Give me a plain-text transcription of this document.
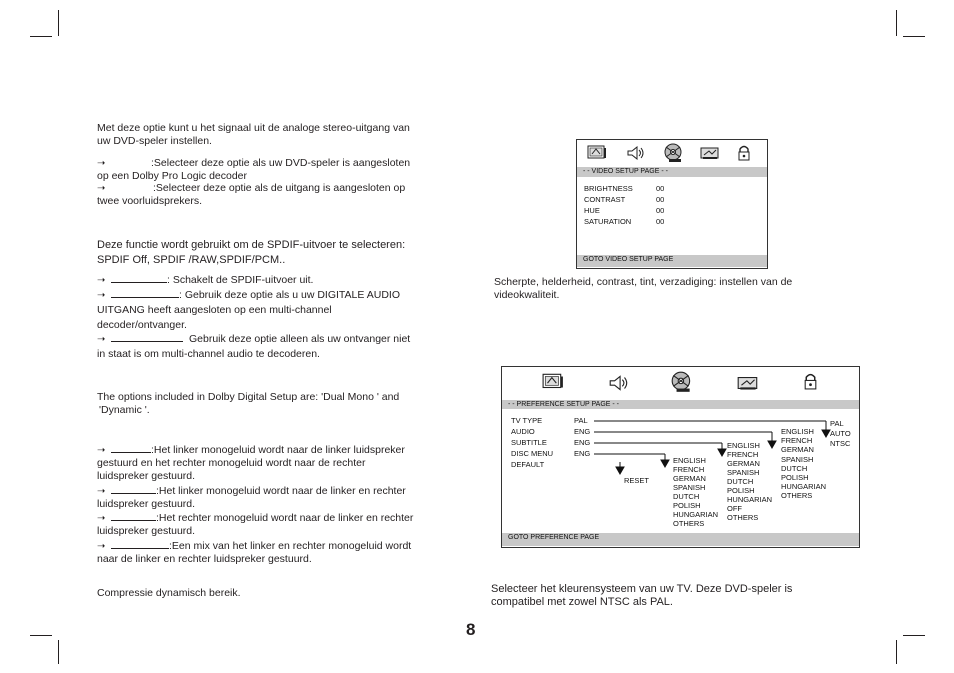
Met deze optie kunt u het signaal uit de analoge stereo-uitgang van
uw DVD-speler instellen.
➝	:Selecteer deze optie als uw DVD-speler is aangesloten
op een Dolby Pro Logic decoder
➝	:Selecteer deze optie als de uitgang is aangesloten op
twee voorluidsprekers.
Deze functie wordt gebruikt om de SPDIF-uitvoer te selecteren:
SPDIF Off, SPDIF /RAW,SPDIF/PCM..
➝	: Schakelt de SPDIF-uitvoer uit.
➝	: Gebruik deze optie als u uw DIGITALE AUDIO
UITGANG heeft aangesloten op een multi-channel
decoder/ontvanger.
➝	Gebruik deze optie alleen als uw ontvanger niet
in staat is om multi-channel audio te decoderen.
The options included in Dolby Digital Setup are: 'Dual Mono ' and
'Dynamic '.
➝	:Het linker monogeluid wordt naar de linker luidspreker
gestuurd en het rechter monogeluid wordt naar de rechter
luidspreker gestuurd.
➝	:Het linker monogeluid wordt naar de linker en rechter
luidspreker gestuurd.
➝	:Het rechter monogeluid wordt naar de linker en rechter
luidspreker gestuurd.
➝	:Een mix van het linker en rechter monogeluid wordt
naar de linker en rechter luidspreker gestuurd.
Compressie dynamisch bereik.
- - VIDEO SETUP PAGE - -
BRIGHTNESS	00
CONTRAST	00
HUE	00
SATURATION	00
GOTO VIDEO SETUP PAGE
Scherpte, helderheid, contrast, tint, verzadiging: instellen van de
videokwaliteit.
- - PREFERENCE SETUP PAGE - -
TV TYPE	PAL
AUDIO	ENG
SUBTITLE	ENG
DISC MENU	ENG
DEFAULT
PAL
AUTO
NTSC
ENGLISH
FRENCH
GERMAN
SPANISH
DUTCH
POLISH
HUNGARIAN
OTHERS
ENGLISH
FRENCH
GERMAN
SPANISH
DUTCH
POLISH
HUNGARIAN
OFF
OTHERS
ENGLISH
FRENCH
GERMAN
SPANISH
DUTCH
POLISH
HUNGARIAN
OTHERS
RESET
GOTO PREFERENCE PAGE
Selecteer het kleurensysteem van uw TV. Deze DVD-speler is
compatibel met zowel NTSC als PAL.
8
